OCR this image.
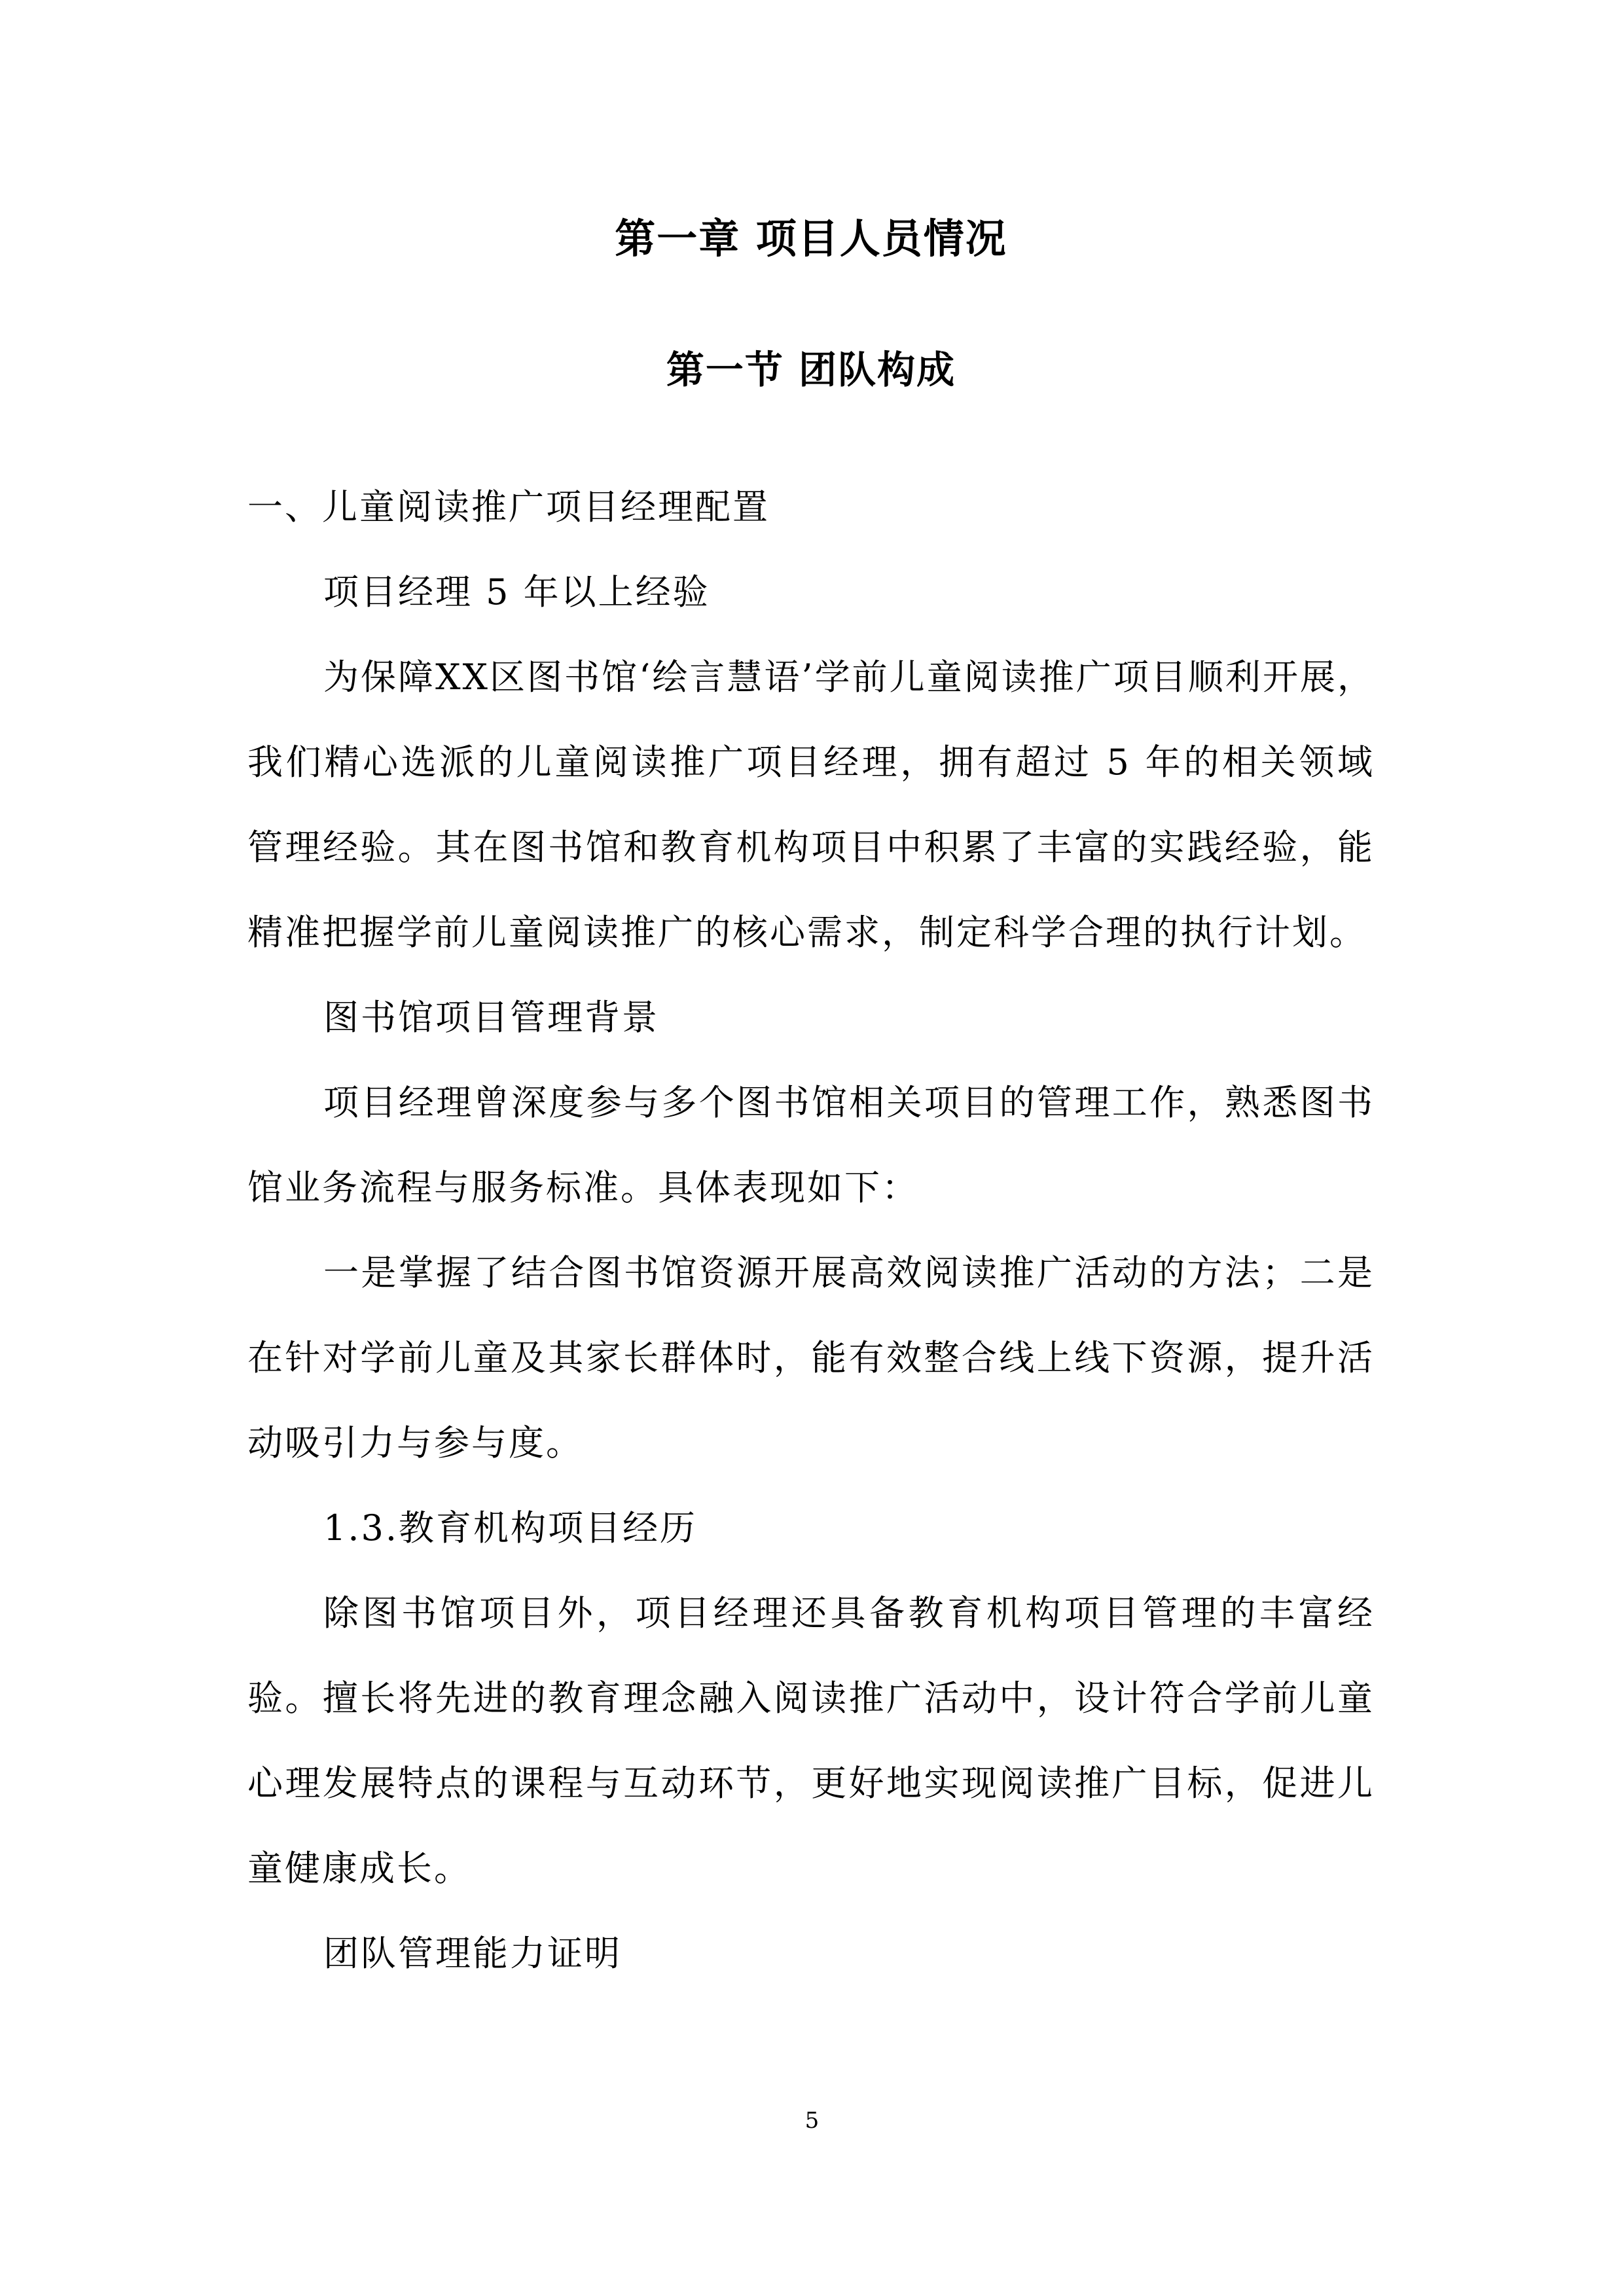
第一章 项目人员情况
第一节 团队构成

一、儿童阅读推广项目经理配置

项目经理 5 年以上经验

为保障XX区图书馆‘绘言慧语’学前儿童阅读推广项目顺利开展，我们精心选派的儿童阅读推广项目经理，拥有超过 5 年的相关领域管理经验。其在图书馆和教育机构项目中积累了丰富的实践经验，能精准把握学前儿童阅读推广的核心需求，制定科学合理的执行计划。

图书馆项目管理背景

项目经理曾深度参与多个图书馆相关项目的管理工作，熟悉图书馆业务流程与服务标准。具体表现如下：

一是掌握了结合图书馆资源开展高效阅读推广活动的方法；二是在针对学前儿童及其家长群体时，能有效整合线上线下资源，提升活动吸引力与参与度。

1.3.教育机构项目经历

除图书馆项目外，项目经理还具备教育机构项目管理的丰富经验。擅长将先进的教育理念融入阅读推广活动中，设计符合学前儿童心理发展特点的课程与互动环节，更好地实现阅读推广目标，促进儿童健康成长。

团队管理能力证明

5
